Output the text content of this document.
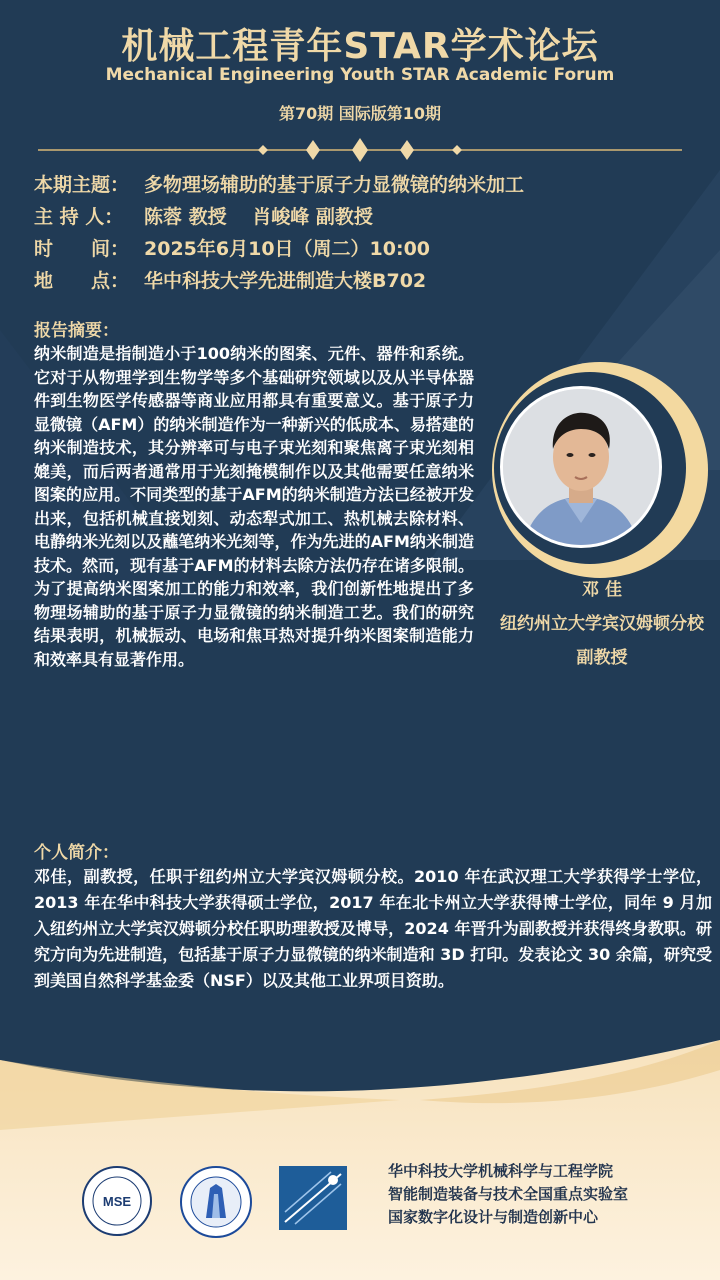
机械工程青年STAR学术论坛
Mechanical Engineering Youth STAR Academic Forum
第70期 国际版第10期
本期主题： 多物理场辅助的基于原子力显微镜的纳米加工
主 持 人： 陈蓉 教授　 肖峻峰 副教授
时　　间： 2025年6月10日（周二）10:00
地　　点： 华中科技大学先进制造大楼B702
报告摘要：
纳米制造是指制造小于100纳米的图案、元件、器件和系统。它对于从物理学到生物学等多个基础研究领域以及从半导体器件到生物医学传感器等商业应用都具有重要意义。基于原子力显微镜（AFM）的纳米制造作为一种新兴的低成本、易搭建的纳米制造技术，其分辨率可与电子束光刻和聚焦离子束光刻相媲美，而后两者通常用于光刻掩模制作以及其他需要任意纳米图案的应用。不同类型的基于AFM的纳米制造方法已经被开发出来，包括机械直接划刻、动态犁式加工、热机械去除材料、电静纳米光刻以及蘸笔纳米光刻等，作为先进的AFM纳米制造技术。然而，现有基于AFM的材料去除方法仍存在诸多限制。为了提高纳米图案加工的能力和效率，我们创新性地提出了多物理场辅助的基于原子力显微镜的纳米制造工艺。我们的研究结果表明，机械振动、电场和焦耳热对提升纳米图案制造能力和效率具有显著作用。
邓 佳
纽约州立大学宾汉姆顿分校
副教授
个人简介：
邓佳，副教授，任职于纽约州立大学宾汉姆顿分校。2010 年在武汉理工大学获得学士学位，2013 年在华中科技大学获得硕士学位，2017 年在北卡州立大学获得博士学位，同年 9 月加入纽约州立大学宾汉姆顿分校任职助理教授及博导，2024 年晋升为副教授并获得终身教职。研究方向为先进制造，包括基于原子力显微镜的纳米制造和 3D 打印。发表论文 30 余篇，研究受到美国自然科学基金委（NSF）以及其他工业界项目资助。
MSE
华中科技大学机械科学与工程学院
智能制造装备与技术全国重点实验室
国家数字化设计与制造创新中心
